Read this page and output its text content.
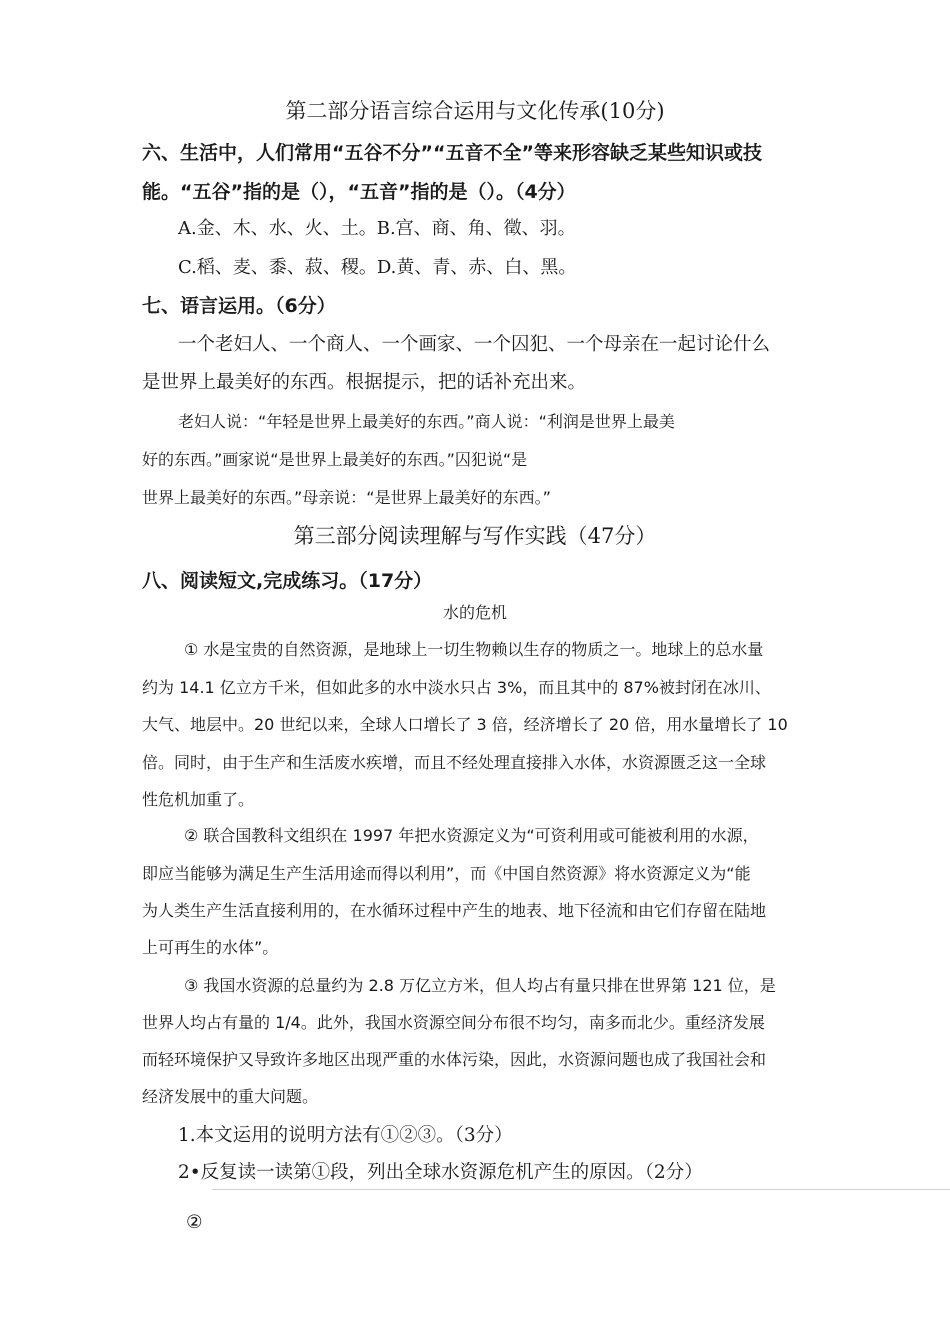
第二部分语言综合运用与文化传承(10分)
六、生活中，人们常用“五谷不分”“五音不全”等来形容缺乏某些知识或技
能。“五谷”指的是（），“五音”指的是（）。（4分）
A.金、木、水、火、土。B.宫、商、角、徵、羽。
C.稻、麦、黍、菽、稷。D.黄、青、赤、白、黑。
七、语言运用。（6分）
一个老妇人、一个商人、一个画家、一个囚犯、一个母亲在一起讨论什么
是世界上最美好的东西。根据提示，把的话补充出来。
老妇人说：“年轻是世界上最美好的东西。”商人说：“利润是世界上最美
好的东西。”画家说“是世界上最美好的东西。”囚犯说“是
世界上最美好的东西。”母亲说：“是世界上最美好的东西。”
第三部分阅读理解与写作实践（47分）
八、阅读短文,完成练习。（17分）
水的危机
① 水是宝贵的自然资源，是地球上一切生物赖以生存的物质之一。地球上的总水量
约为 14.1 亿立方千米，但如此多的水中淡水只占 3%，而且其中的 87%被封闭在冰川、
大气、地层中。20 世纪以来，全球人口增长了 3 倍，经济增长了 20 倍，用水量增长了 10
倍。同时，由于生产和生活废水疾增，而且不经处理直接排入水体，水资源匮乏这一全球
性危机加重了。
② 联合国教科文组织在 1997 年把水资源定义为“可资利用或可能被利用的水源，
即应当能够为满足生产生活用途而得以利用”，而《中国自然资源》将水资源定义为“能
为人类生产生活直接利用的，在水循环过程中产生的地表、地下径流和由它们存留在陆地
上可再生的水体”。
③ 我国水资源的总量约为 2.8 万亿立方米，但人均占有量只排在世界第 121 位，是
世界人均占有量的 1/4。此外，我国水资源空间分布很不均匀，南多而北少。重经济发展
而轻环境保护又导致许多地区出现严重的水体污染，因此，水资源问题也成了我国社会和
经济发展中的重大问题。
1.本文运用的说明方法有①②③。（3分）
2•反复读一读第①段，列出全球水资源危机产生的原因。（2分）
②
